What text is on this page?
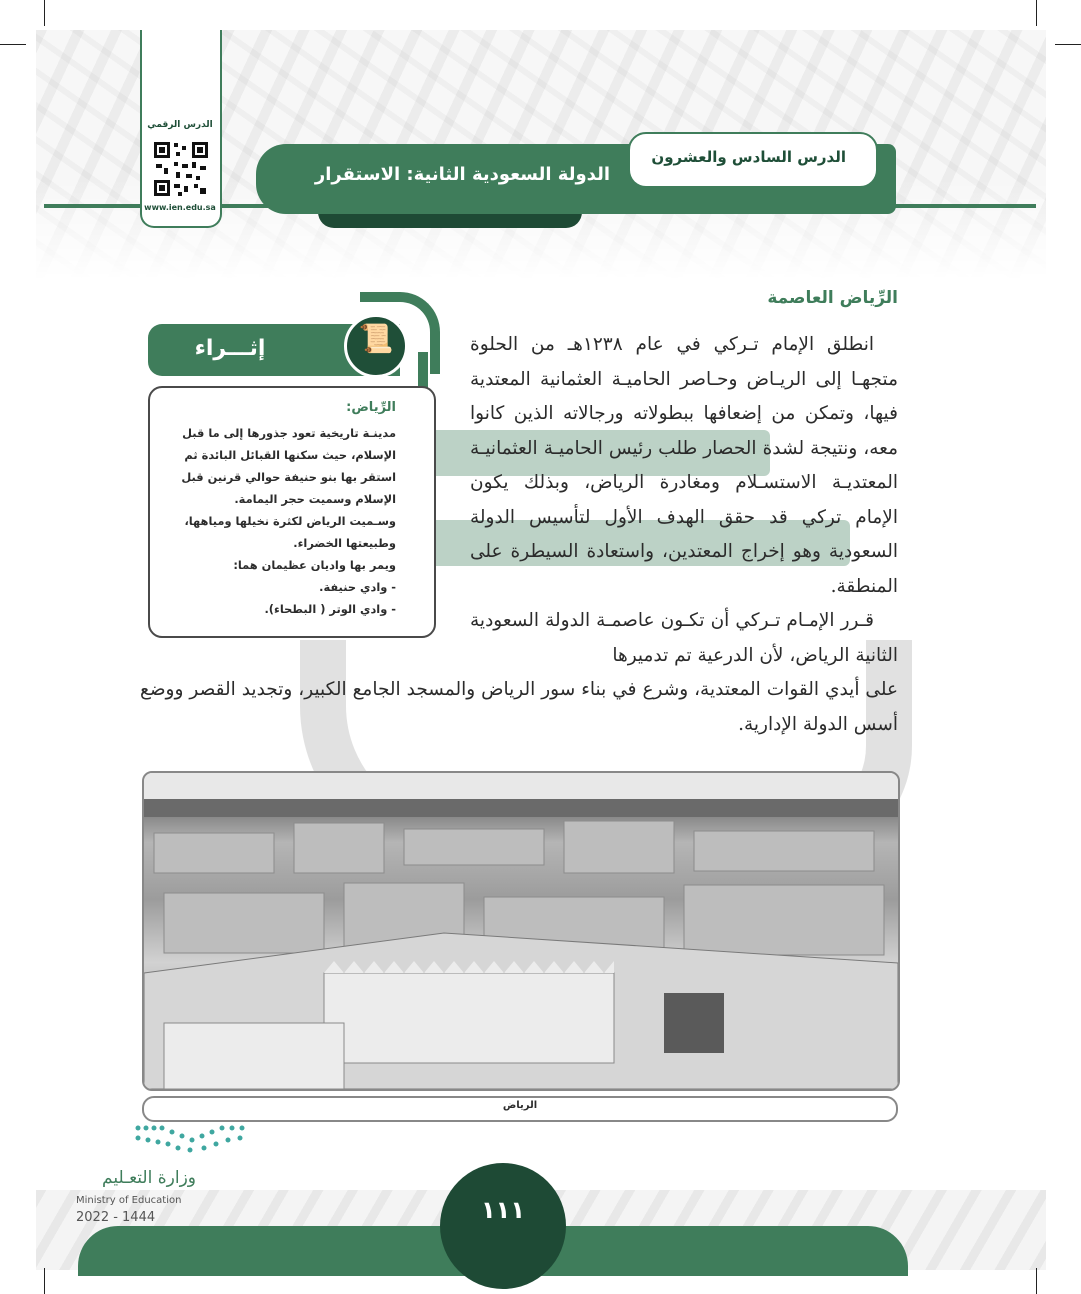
الدرس الرقمي
www.ien.edu.sa
الدولة السعودية الثانية: الاستقرار
الدرس السادس والعشرون
الرِّياض العاصمة
انطلق الإمام تـركي في عام ١٢٣٨هـ من الحلوة متجهـا إلى الريـاض وحـاصر الحاميـة العثمانية المعتدية فيها، وتمكن من إضعافها ببطولاته ورجالاته الذين كانوا معه، ونتيجة لشدة الحصار طلب رئيس الحاميـة العثمانيـة المعتديـة الاستسـلام ومغادرة الرياض، وبذلك يكون الإمام تركي قد حقق الهدف الأول لتأسيس الدولة السعودية وهو إخراج المعتدين، واستعادة السيطرة على المنطقة.
قـرر الإمـام تـركي أن تكـون عاصمـة الدولة السعودية الثانية الرياض، لأن الدرعية تم تدميرها
على أيدي القوات المعتدية، وشرع في بناء سور الرياض والمسجد الجامع الكبير، وتجديد القصر ووضع أسس الدولة الإدارية.
إثـــراء	📜
الرِّياض:

مدينـة تاريخية تعود جذورها إلى ما قبل الإسلام، حيث سكنها القبائل البائدة ثم استقر بها بنو حنيفة حوالي قرنين قبل الإسلام وسميت حجر اليمامة.

وسـميت الرياض لكثرة نخيلها ومياهها، وطبيعتها الخضراء.

ويمر بها واديان عظيمان هما:

- وادي حنيفة.

- وادي الوتر ( البطحاء).

الرياض
وزارة التعـليم
Ministry of Education
2022 - 1444	١١١
